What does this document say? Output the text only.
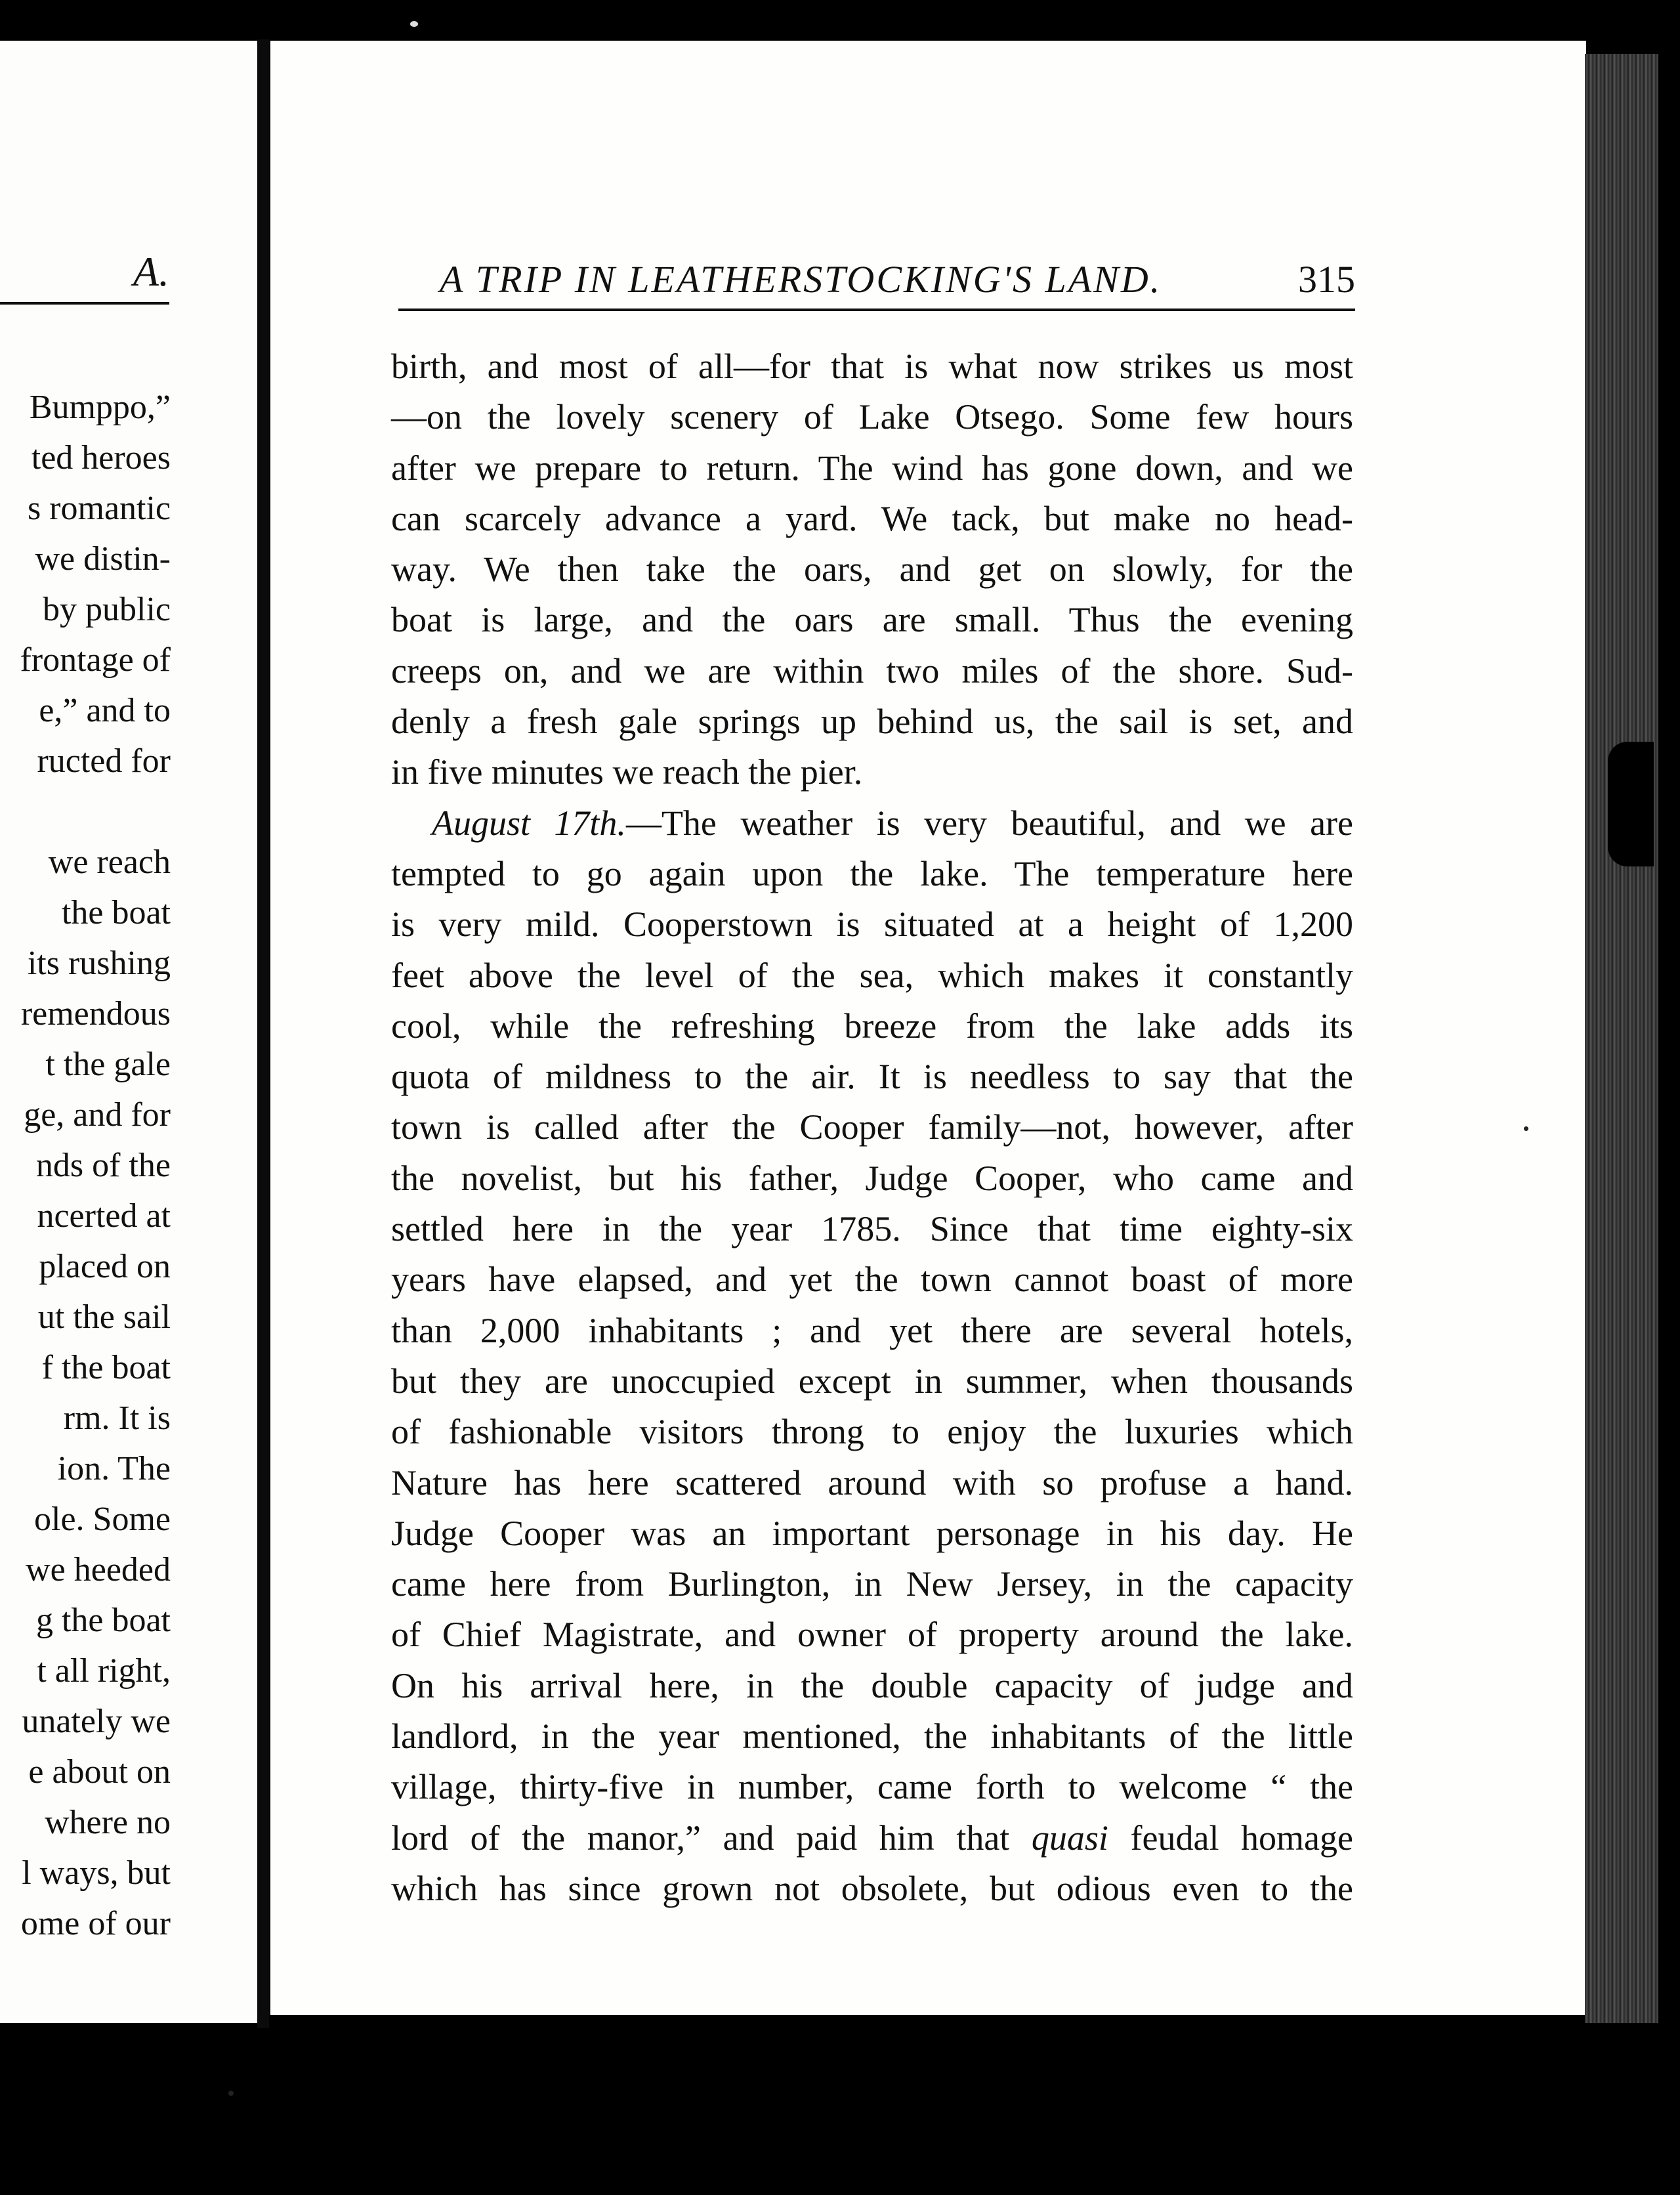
A.
Bumppo,”
ted heroes
s romantic
we distin-
by public
frontage of
e,” and to
ructed for
we reach
the boat
its rushing
remendous
t the gale
ge, and for
nds of the
ncerted at
placed on
ut the sail
f the boat
rm. It is
ion. The
ole. Some
we heeded
g the boat
t all right,
unately we
e about on
where no
l ways, but
ome of our
A TRIP IN LEATHERSTOCKING'S LAND.	315
birth, and most of all—for that is what now strikes us most
—on the lovely scenery of Lake Otsego. Some few hours
after we prepare to return. The wind has gone down, and we
can scarcely advance a yard. We tack, but make no head-
way. We then take the oars, and get on slowly, for the
boat is large, and the oars are small. Thus the evening
creeps on, and we are within two miles of the shore. Sud-
denly a fresh gale springs up behind us, the sail is set, and
in five minutes we reach the pier.
August 17th.—The weather is very beautiful, and we are
tempted to go again upon the lake. The temperature here
is very mild. Cooperstown is situated at a height of 1,200
feet above the level of the sea, which makes it constantly
cool, while the refreshing breeze from the lake adds its
quota of mildness to the air. It is needless to say that the
town is called after the Cooper family—not, however, after
the novelist, but his father, Judge Cooper, who came and
settled here in the year 1785. Since that time eighty-six
years have elapsed, and yet the town cannot boast of more
than 2,000 inhabitants ; and yet there are several hotels,
but they are unoccupied except in summer, when thousands
of fashionable visitors throng to enjoy the luxuries which
Nature has here scattered around with so profuse a hand.
Judge Cooper was an important personage in his day. He
came here from Burlington, in New Jersey, in the capacity
of Chief Magistrate, and owner of property around the lake.
On his arrival here, in the double capacity of judge and
landlord, in the year mentioned, the inhabitants of the little
village, thirty-five in number, came forth to welcome “ the
lord of the manor,” and paid him that quasi feudal homage
which has since grown not obsolete, but odious even to the
